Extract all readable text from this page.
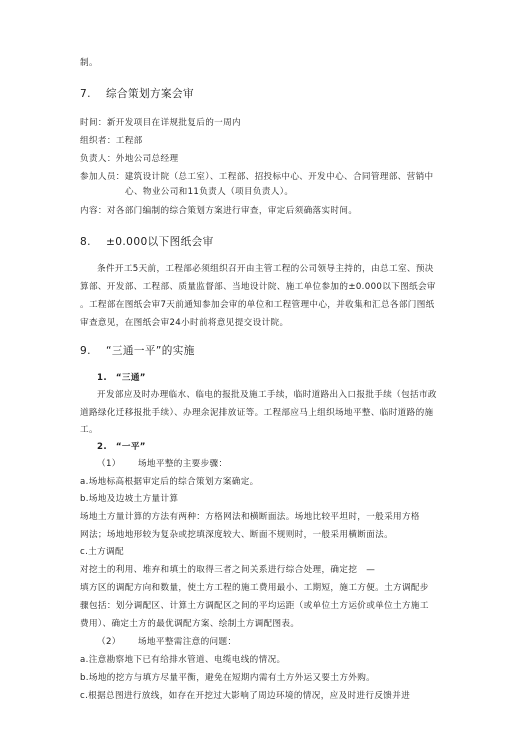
制。
7. 综合策划方案会审
时间：新开发项目在详规批复后的一周内
组织者：工程部
负责人：外地公司总经理
参加人员：建筑设计院（总工室）、工程部、招投标中心、开发中心、合同管理部、营销中
心、物业公司和11负责人（项目负责人）。
内容：对各部门编制的综合策划方案进行审查，审定后须确落实时间。
8. ±0.000以下图纸会审
条件开工5天前，工程部必须组织召开由主管工程的公司领导主持的，由总工室、预决
算部、开发部、工程部、质量监督部、当地设计院、施工单位参加的±0.000以下图纸会审
。工程部在图纸会审7天前通知参加会审的单位和工程管理中心，并收集和汇总各部门图纸
审查意见，在图纸会审24小时前将意见提交设计院。
9. “三通一平”的实施
1.　“三通”
开发部应及时办理临水、临电的报批及施工手续，临时道路出入口报批手续（包括市政
道路绿化迁移报批手续）、办理余泥排放证等。工程部应马上组织场地平整、临时道路的施
工。
2.　“一平”
（1） 场地平整的主要步骤：
a.场地标高根据审定后的综合策划方案确定。
b.场地及边坡土方量计算
场地土方量计算的方法有两种：方格网法和横断面法。场地比较平坦时，一般采用方格
网法；场地地形较为复杂或挖填深度较大、断面不规则时，一般采用横断面法。
c.土方调配
对挖土的利用、堆弃和填土的取得三者之间关系进行综合处理，确定挖　—
填方区的调配方向和数量，使土方工程的施工费用最小、工期短，施工方便。土方调配步
骤包括：划分调配区、计算土方调配区之间的平均运距（或单位土方运价或单位土方施工
费用）、确定土方的最优调配方案、绘制土方调配图表。
（2） 场地平整需注意的问题：
a.注意勘察地下已有给排水管道、电缆电线的情况。
b.场地的挖方与填方尽量平衡，避免在短期内需有土方外运又要土方外购。
c.根据总图进行放线，如存在开挖过大影响了周边环境的情况，应及时进行反馈并进
